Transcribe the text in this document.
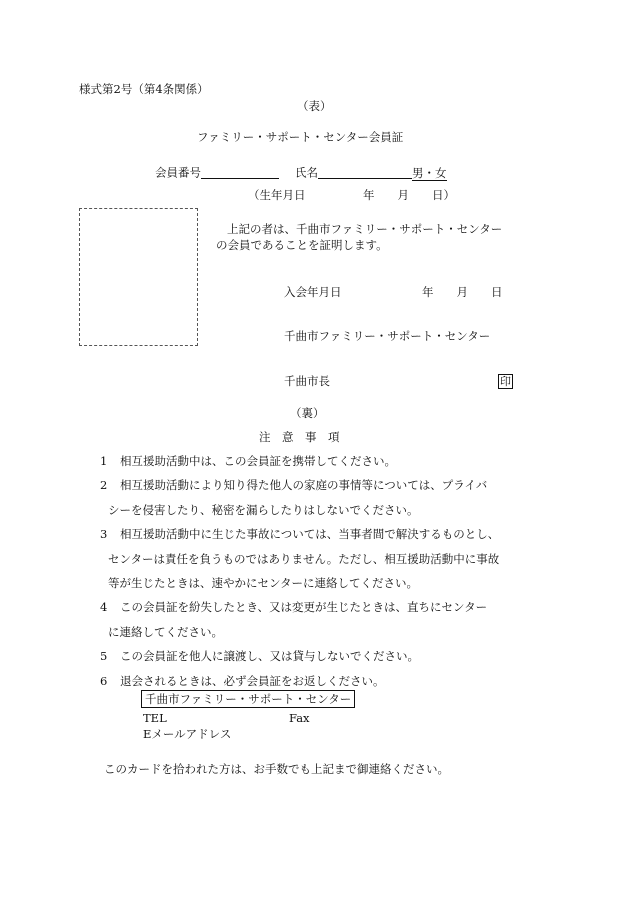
様式第2号（第4条関係）
（表）
ファミリー・サポート・センター会員証
会員番号	氏名	男・女
（生年月日　　　　　年　　月　　日）
上記の者は、千曲市ファミリー・サポート・センター
の会員であることを証明します。
入会年月日	年　　月　　日
千曲市ファミリー・サポート・センター
千曲市長	印
（裏）
注　意　事　項
1 相互援助活動中は、この会員証を携帯してください。
2 相互援助活動により知り得た他人の家庭の事情等については、プライバ
シーを侵害したり、秘密を漏らしたりはしないでください。
3 相互援助活動中に生じた事故については、当事者間で解決するものとし、
センターは責任を負うものではありません。ただし、相互援助活動中に事故
等が生じたときは、速やかにセンターに連絡してください。
4 この会員証を紛失したとき、又は変更が生じたときは、直ちにセンター
に連絡してください。
5 この会員証を他人に譲渡し、又は貸与しないでください。
6 退会されるときは、必ず会員証をお返しください。
千曲市ファミリー・サポート・センター
TEL	Fax
Eメールアドレス
このカードを拾われた方は、お手数でも上記まで御連絡ください。
